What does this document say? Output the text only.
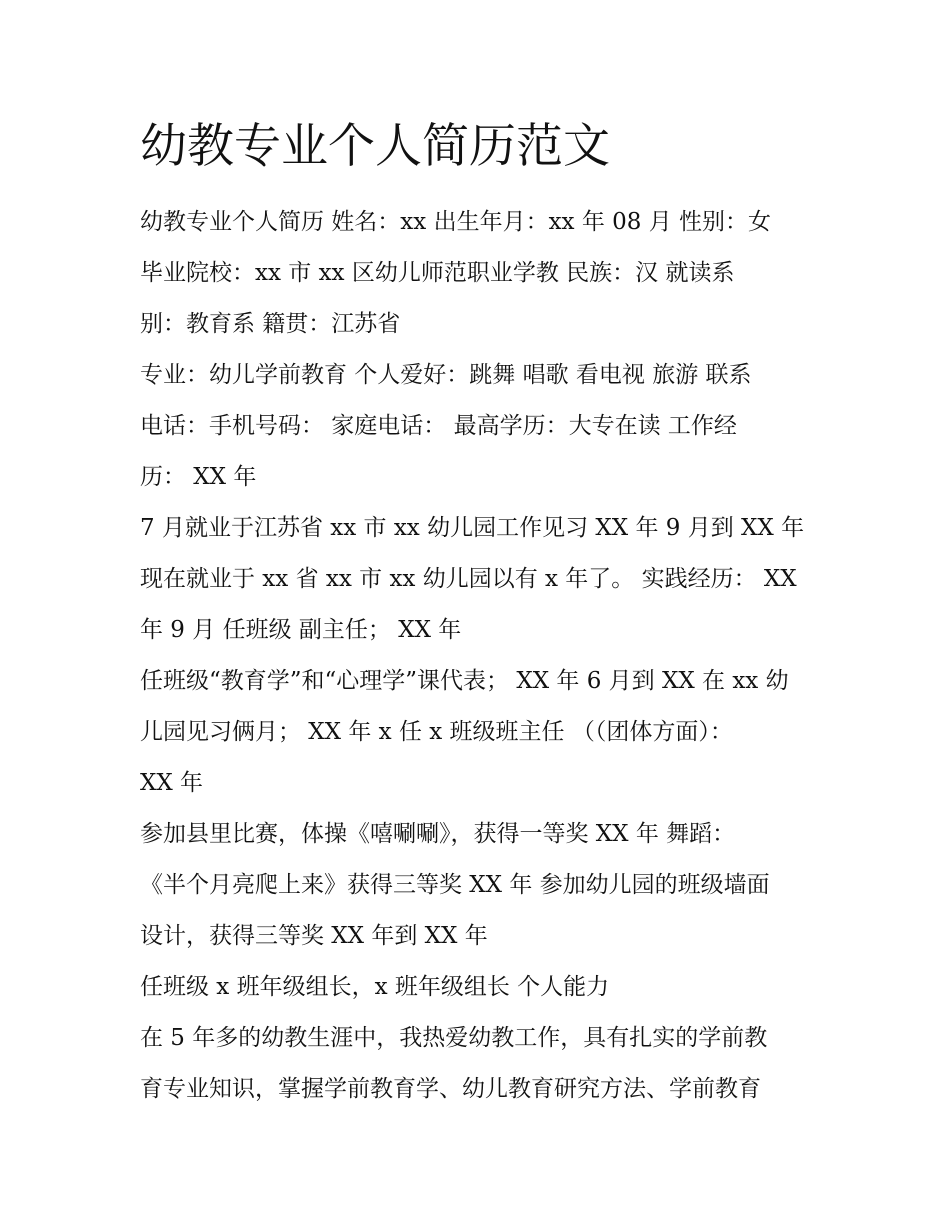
幼教专业个人简历范文
幼教专业个人简历 姓名：xx 出生年月：xx 年 08 月 性别：女
毕业院校：xx 市 xx 区幼儿师范职业学教 民族：汉 就读系
别：教育系 籍贯：江苏省
专业：幼儿学前教育 个人爱好：跳舞 唱歌 看电视 旅游 联系
电话：手机号码： 家庭电话： 最高学历：大专在读 工作经
历： XX 年
7 月就业于江苏省 xx 市 xx 幼儿园工作见习 XX 年 9 月到 XX 年
现在就业于 xx 省 xx 市 xx 幼儿园以有 x 年了。 实践经历： XX
年 9 月 任班级 副主任； XX 年
任班级“教育学”和“心理学”课代表； XX 年 6 月到 XX 在 xx 幼
儿园见习俩月； XX 年 x 任 x 班级班主任 （（团体方面）：
XX 年
参加县里比赛，体操《嘻唰唰》，获得一等奖 XX 年 舞蹈：
《半个月亮爬上来》获得三等奖 XX 年 参加幼儿园的班级墙面
设计，获得三等奖 XX 年到 XX 年
任班级 x 班年级组长，x 班年级组长 个人能力
在 5 年多的幼教生涯中，我热爱幼教工作，具有扎实的学前教
育专业知识，掌握学前教育学、幼儿教育研究方法、学前教育
